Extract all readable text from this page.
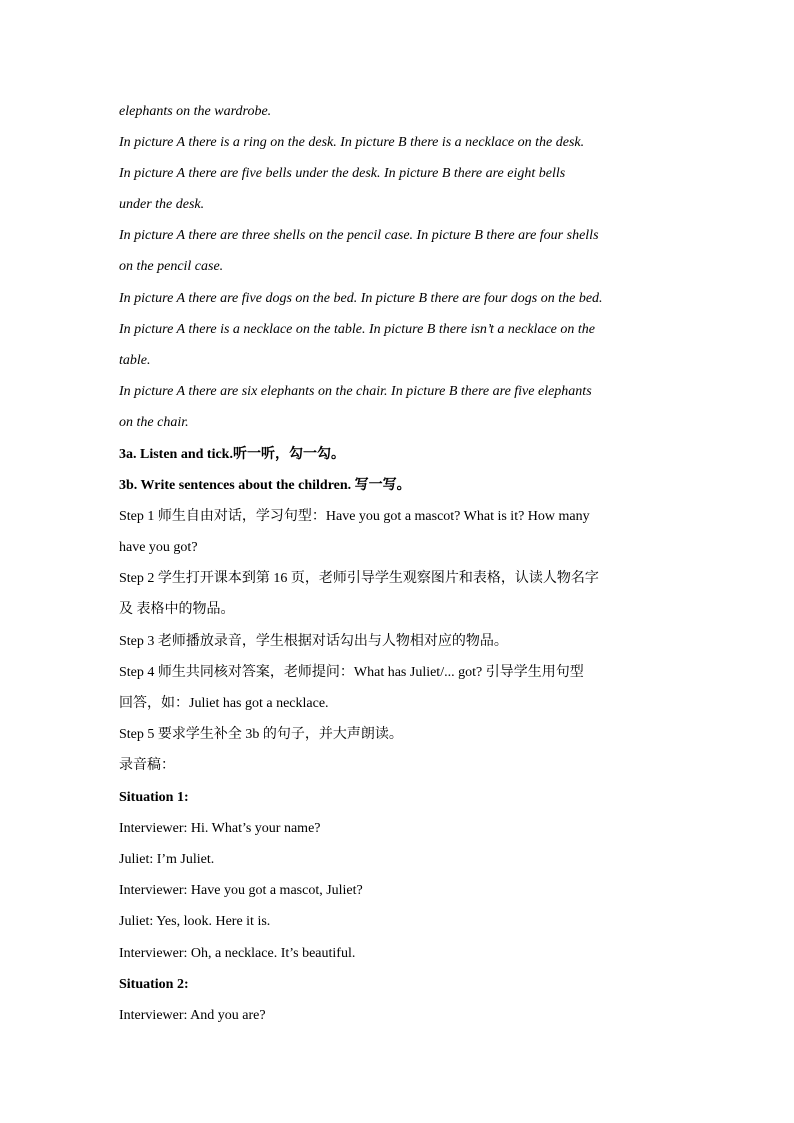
elephants on the wardrobe.
In picture A there is a ring on the desk. In picture B there is a necklace on the desk.
In picture A there are five bells under the desk. In picture B there are eight bells
under the desk.
In picture A there are three shells on the pencil case. In picture B there are four shells
on the pencil case.
In picture A there are five dogs on the bed. In picture B there are four dogs on the bed.
In picture A there is a necklace on the table. In picture B there isn’t a necklace on the
table.
In picture A there are six elephants on the chair. In picture B there are five elephants
on the chair.
3a. Listen and tick.听一听，勾一勾。
3b. Write sentences about the children. 写一写。
Step 1 师生自由对话，学习句型：Have you got a mascot? What is it? How many
have you got?
Step 2 学生打开课本到第 16 页，老师引导学生观察图片和表格，认读人物名字
及 表格中的物品。
Step 3 老师播放录音，学生根据对话勾出与人物相对应的物品。
Step 4 师生共同核对答案，老师提问：What has Juliet/... got? 引导学生用句型
回答，如：Juliet has got a necklace.
Step 5 要求学生补全 3b 的句子，并大声朗读。
录音稿：
Situation 1:
Interviewer: Hi. What’s your name?
Juliet: I’m Juliet.
Interviewer: Have you got a mascot, Juliet?
Juliet: Yes, look. Here it is.
Interviewer: Oh, a necklace. It’s beautiful.
Situation 2:
Interviewer: And you are?
